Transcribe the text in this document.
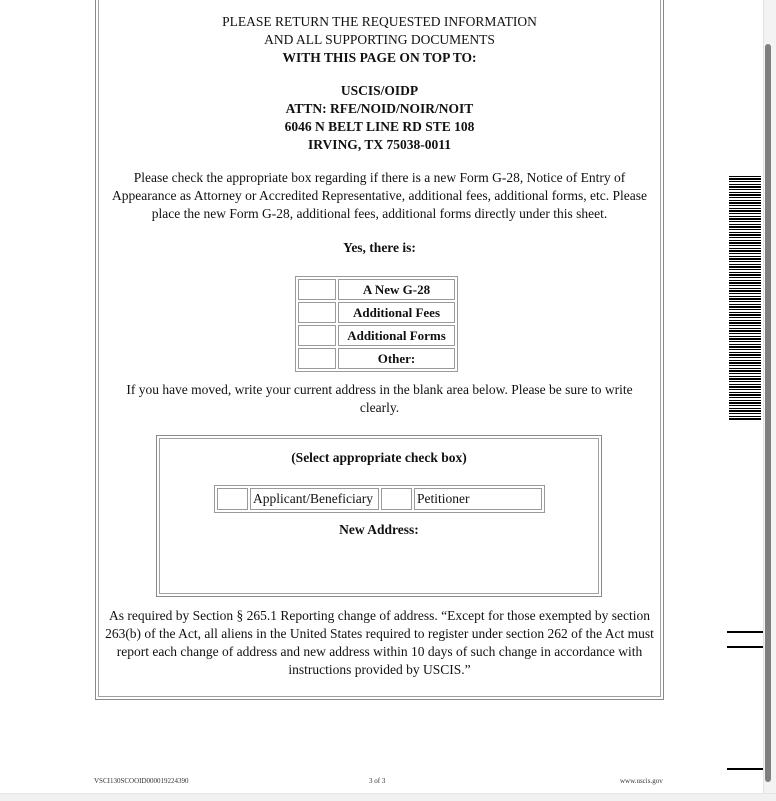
PLEASE RETURN THE REQUESTED INFORMATION
AND ALL SUPPORTING DOCUMENTS
WITH THIS PAGE ON TOP TO:
USCIS/OIDP
ATTN: RFE/NOID/NOIR/NOIT
6046 N BELT LINE RD STE 108
IRVING, TX 75038-0011
Please check the appropriate box regarding if there is a new Form G-28, Notice of Entry of Appearance as Attorney or Accredited Representative, additional fees, additional forms, etc. Please place the new Form G-28, additional fees, additional forms directly under this sheet.
Yes, there is:
	A New G-28
	Additional Fees
	Additional Forms
	Other:
If you have moved, write your current address in the blank area below. Please be sure to write clearly.
(Select appropriate check box)
	Applicant/Beneficiary		Petitioner
New Address:
As required by Section § 265.1 Reporting change of address. “Except for those exempted by section 263(b) of the Act, all aliens in the United States required to register under section 262 of the Act must report each change of address and new address within 10 days of such change in accordance with instructions provided by USCIS.”
VSCI130SCOOID000019224390	3 of 3	www.uscis.gov
